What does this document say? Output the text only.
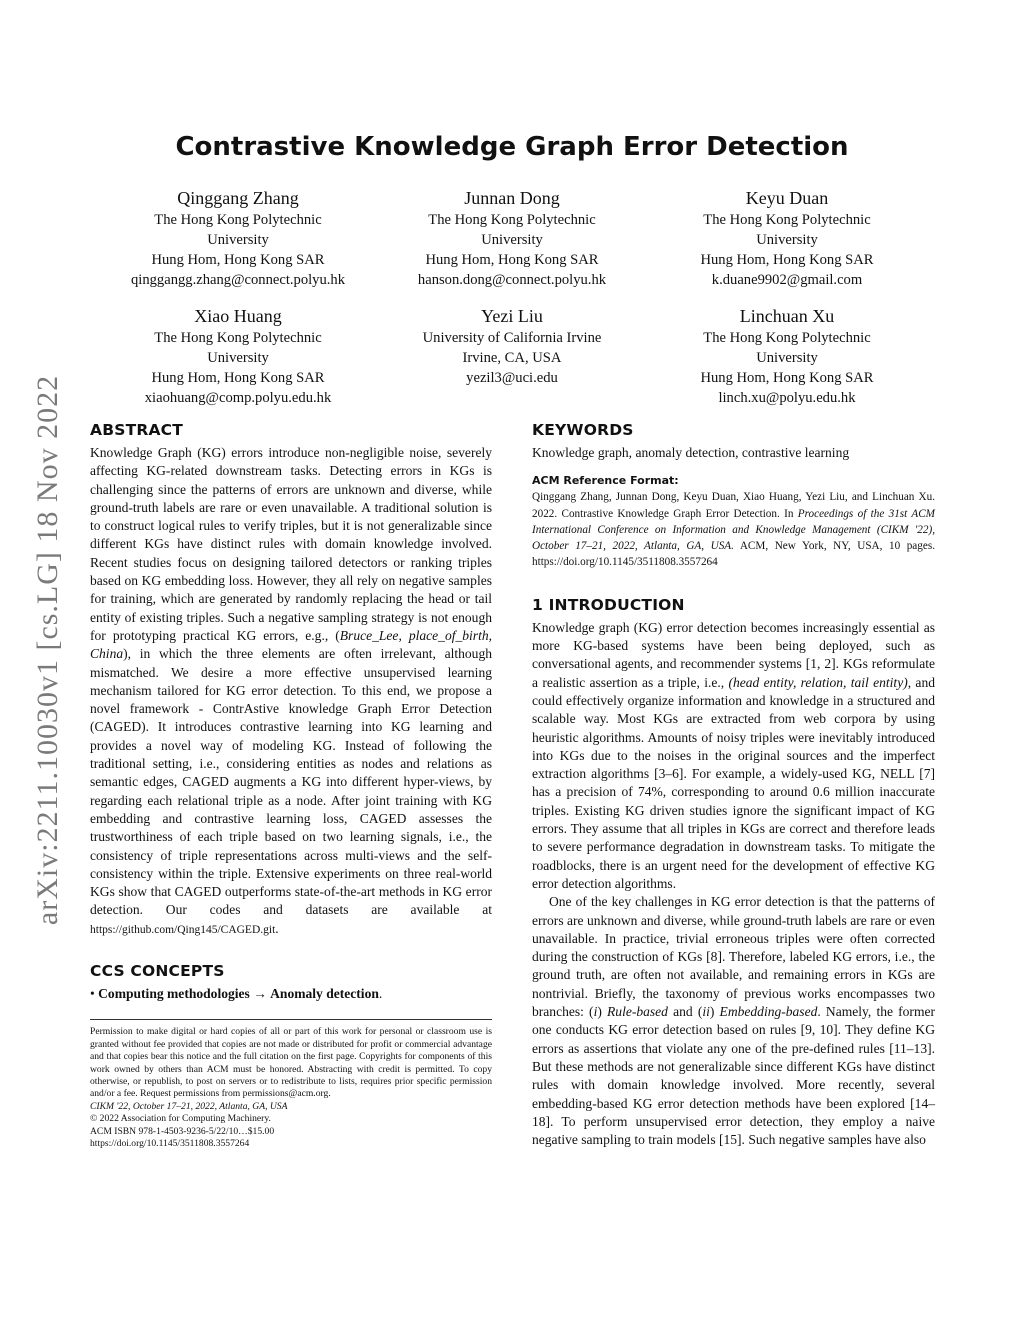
arXiv:2211.10030v1 [cs.LG] 18 Nov 2022
Contrastive Knowledge Graph Error Detection
Qinggang Zhang
The Hong Kong Polytechnic
University
Hung Hom, Hong Kong SAR
qinggangg.zhang@connect.polyu.hk
Junnan Dong
The Hong Kong Polytechnic
University
Hung Hom, Hong Kong SAR
hanson.dong@connect.polyu.hk
Keyu Duan
The Hong Kong Polytechnic
University
Hung Hom, Hong Kong SAR
k.duane9902@gmail.com
Xiao Huang
The Hong Kong Polytechnic
University
Hung Hom, Hong Kong SAR
xiaohuang@comp.polyu.edu.hk
Yezi Liu
University of California Irvine
Irvine, CA, USA
yezil3@uci.edu
Linchuan Xu
The Hong Kong Polytechnic
University
Hung Hom, Hong Kong SAR
linch.xu@polyu.edu.hk
ABSTRACT
Knowledge Graph (KG) errors introduce non-negligible noise, severely affecting KG-related downstream tasks. Detecting errors in KGs is challenging since the patterns of errors are unknown and diverse, while ground-truth labels are rare or even unavailable. A traditional solution is to construct logical rules to verify triples, but it is not generalizable since different KGs have distinct rules with domain knowledge involved. Recent studies focus on designing tailored detectors or ranking triples based on KG embedding loss. However, they all rely on negative samples for training, which are generated by randomly replacing the head or tail entity of existing triples. Such a negative sampling strategy is not enough for prototyping practical KG errors, e.g., (Bruce_Lee, place_of_birth, China), in which the three elements are often irrelevant, although mismatched. We desire a more effective unsupervised learning mechanism tailored for KG error detection. To this end, we propose a novel framework - ContrAstive knowledge Graph Error Detection (CAGED). It introduces contrastive learning into KG learning and provides a novel way of modeling KG. Instead of following the traditional setting, i.e., considering entities as nodes and relations as semantic edges, CAGED augments a KG into different hyper-views, by regarding each relational triple as a node. After joint training with KG embedding and contrastive learning loss, CAGED assesses the trustworthiness of each triple based on two learning signals, i.e., the consistency of triple representations across multi-views and the self-consistency within the triple. Extensive experiments on three real-world KGs show that CAGED outperforms state-of-the-art methods in KG error detection. Our codes and datasets are available at https://github.com/Qing145/CAGED.git.
CCS CONCEPTS
• Computing methodologies → Anomaly detection.
Permission to make digital or hard copies of all or part of this work for personal or classroom use is granted without fee provided that copies are not made or distributed for profit or commercial advantage and that copies bear this notice and the full citation on the first page. Copyrights for components of this work owned by others than ACM must be honored. Abstracting with credit is permitted. To copy otherwise, or republish, to post on servers or to redistribute to lists, requires prior specific permission and/or a fee. Request permissions from permissions@acm.org.
CIKM '22, October 17–21, 2022, Atlanta, GA, USA
© 2022 Association for Computing Machinery.
ACM ISBN 978-1-4503-9236-5/22/10…$15.00
https://doi.org/10.1145/3511808.3557264
KEYWORDS
Knowledge graph, anomaly detection, contrastive learning
ACM Reference Format:
Qinggang Zhang, Junnan Dong, Keyu Duan, Xiao Huang, Yezi Liu, and Linchuan Xu. 2022. Contrastive Knowledge Graph Error Detection. In Proceedings of the 31st ACM International Conference on Information and Knowledge Management (CIKM '22), October 17–21, 2022, Atlanta, GA, USA. ACM, New York, NY, USA, 10 pages. https://doi.org/10.1145/3511808.3557264
1 INTRODUCTION

Knowledge graph (KG) error detection becomes increasingly essential as more KG-based systems have been being deployed, such as conversational agents, and recommender systems [1, 2]. KGs reformulate a realistic assertion as a triple, i.e., (head entity, relation, tail entity), and could effectively organize information and knowledge in a structured and scalable way. Most KGs are extracted from web corpora by using heuristic algorithms. Amounts of noisy triples were inevitably introduced into KGs due to the noises in the original sources and the imperfect extraction algorithms [3–6]. For example, a widely-used KG, NELL [7] has a precision of 74%, corresponding to around 0.6 million inaccurate triples. Existing KG driven studies ignore the significant impact of KG errors. They assume that all triples in KGs are correct and therefore leads to severe performance degradation in downstream tasks. To mitigate the roadblocks, there is an urgent need for the development of effective KG error detection algorithms.

One of the key challenges in KG error detection is that the patterns of errors are unknown and diverse, while ground-truth labels are rare or even unavailable. In practice, trivial erroneous triples were often corrected during the construction of KGs [8]. Therefore, labeled KG errors, i.e., the ground truth, are often not available, and remaining errors in KGs are nontrivial. Briefly, the taxonomy of previous works encompasses two branches: (i) Rule-based and (ii) Embedding-based. Namely, the former one conducts KG error detection based on rules [9, 10]. They define KG errors as assertions that violate any one of the pre-defined rules [11–13]. But these methods are not generalizable since different KGs have distinct rules with domain knowledge involved. More recently, several embedding-based KG error detection methods have been explored [14–18]. To perform unsupervised error detection, they employ a naive negative sampling to train models [15]. Such negative samples have also
